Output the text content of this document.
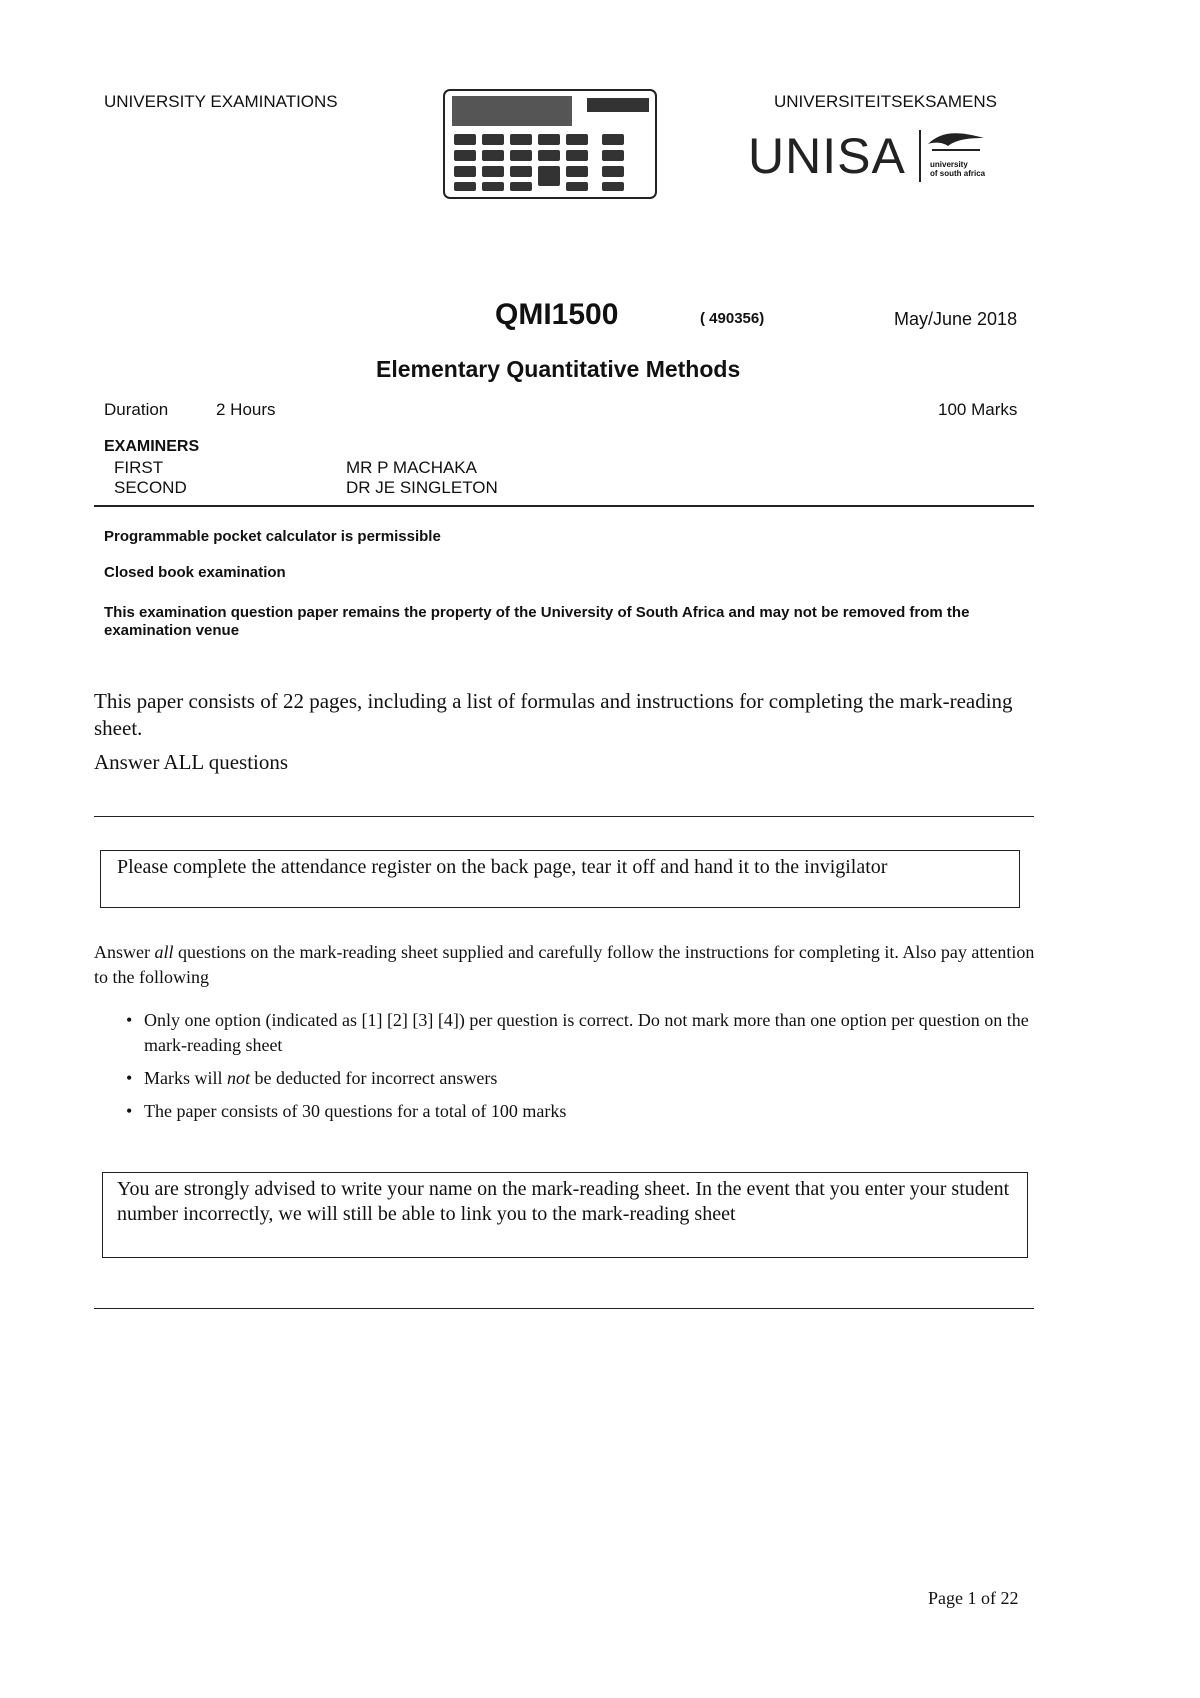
UNIVERSITY EXAMINATIONS	UNIVERSITEITSEKSAMENS
UNISA	university
of south africa
QMI1500	( 490356)	May/June 2018
Elementary Quantitative Methods
Duration	2 Hours	100 Marks
EXAMINERS
FIRST	MR P MACHAKA
SECOND	DR JE SINGLETON
Programmable pocket calculator is permissible
Closed book examination
This examination question paper remains the property of the University of South Africa and may not be removed from the examination venue
This paper consists of 22 pages, including a list of formulas and instructions for completing the mark-reading sheet.
Answer ALL questions
Please complete the attendance register on the back page, tear it off and hand it to the invigilator
Answer all questions on the mark-reading sheet supplied and carefully follow the instructions for completing it. Also pay attention to the following
• Only one option (indicated as [1] [2] [3] [4]) per question is correct. Do not mark more than one option per question on the mark-reading sheet
• Marks will not be deducted for incorrect answers
• The paper consists of 30 questions for a total of 100 marks
You are strongly advised to write your name on the mark-reading sheet. In the event that you enter your student number incorrectly, we will still be able to link you to the mark-reading sheet
Page 1 of 22
